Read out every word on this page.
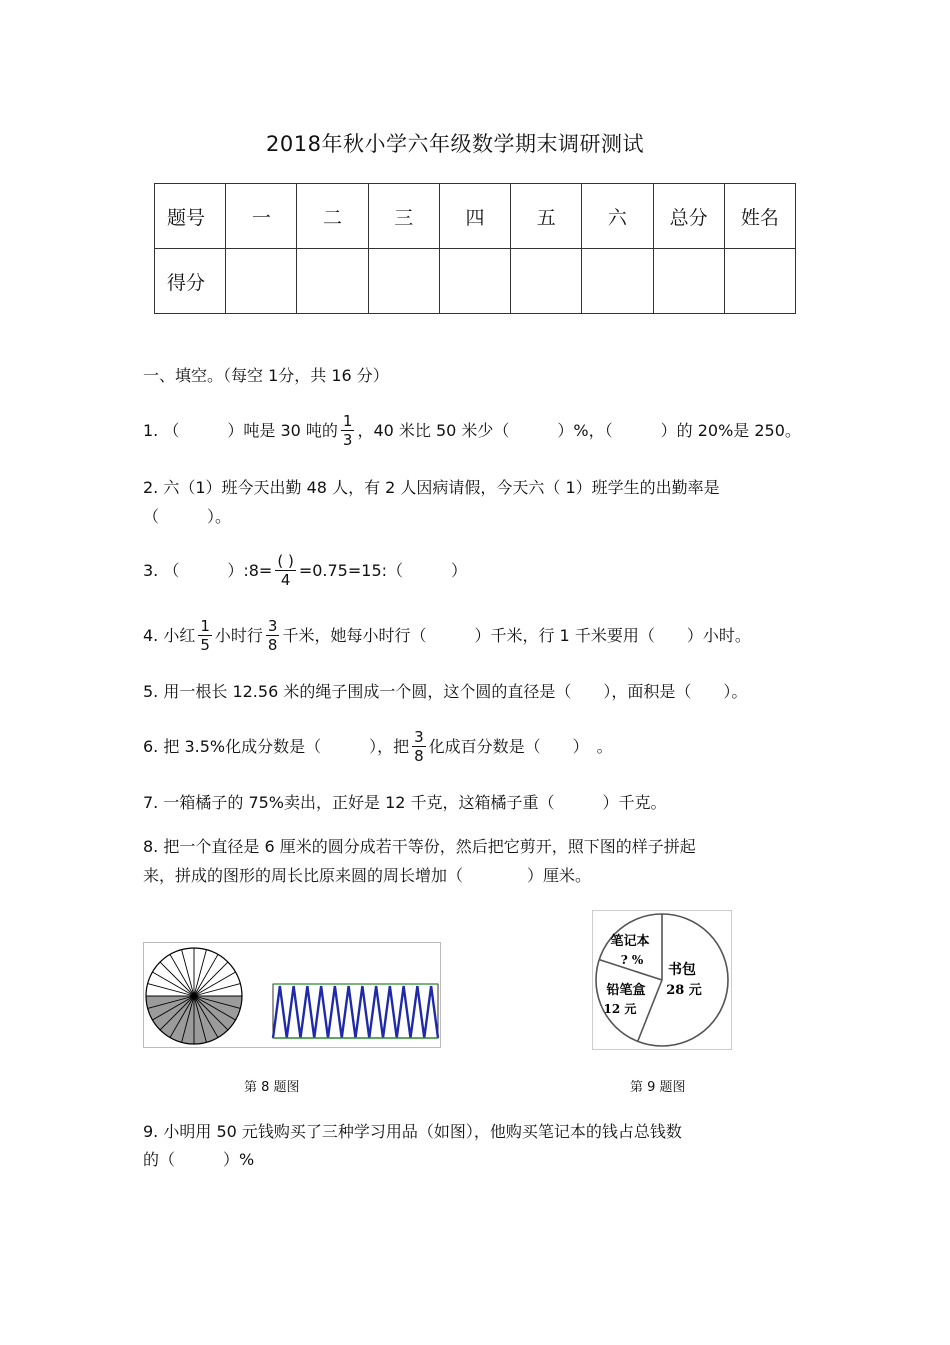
2018年秋小学六年级数学期末调研测试
题号	一	二	三	四	五	六	总分	姓名
得分								
一、填空。（每空 1分，共 16 分）
1. （　　　）吨是 30 吨的 $\frac{1}{3}$ ，40 米比 50 米少（　　　）%，（　　　）的 20%是 250。
2. 六（1）班今天出勤 48 人，有 2 人因病请假，今天六（ 1）班学生的出勤率是
（　　　）。
3. （　　　）:8= $\frac{( )}{4}$ =0.75=15:（　　　）
4. 小红 $\frac{1}{5}$ 小时行 $\frac{3}{8}$ 千米，她每小时行（　　　）千米，行 1 千米要用（　　）小时。
5. 用一根长 12.56 米的绳子围成一个圆，这个圆的直径是（　　），面积是（　　）。
6. 把 3.5%化成分数是（　　　），把 $\frac{3}{8}$ 化成百分数是（　　）　。
7. 一箱橘子的 75%卖出，正好是 12 千克，这箱橘子重（　　　）千克。
8. 把一个直径是 6 厘米的圆分成若干等份，然后把它剪开，照下图的样子拼起
来，拼成的图形的周长比原来圆的周长增加（　　　　）厘米。
第 8 题图
书包
28 元
铅笔盒
12 元
笔记本
? %
第 9 题图
9. 小明用 50 元钱购买了三种学习用品（如图），他购买笔记本的钱占总钱数
的（　　　）%
